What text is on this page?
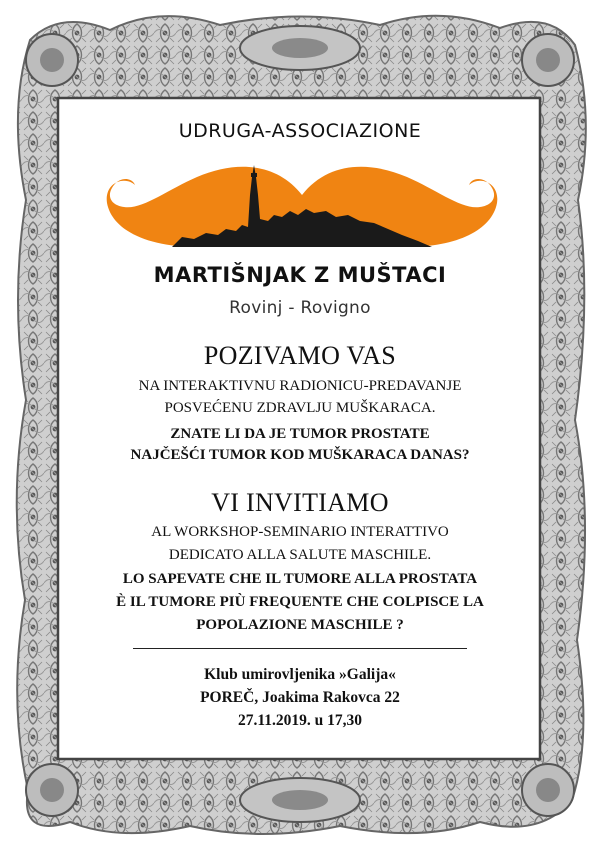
UDRUGA-ASSOCIAZIONE
MARTIŠNJAK Z MUŠTACI
Rovinj - Rovigno
POZIVAMO VAS
NA INTERAKTIVNU RADIONICU-PREDAVANJE
POSVEĆENU ZDRAVLJU MUŠKARACA.
ZNATE LI DA JE TUMOR PROSTATE
NAJČEŠĆI TUMOR KOD MUŠKARACA DANAS?
VI INVITIAMO
AL WORKSHOP-SEMINARIO INTERATTIVO
DEDICATO ALLA SALUTE MASCHILE.
LO SAPEVATE CHE IL TUMORE ALLA PROSTATA
È IL TUMORE PIÙ FREQUENTE CHE COLPISCE LA
POPOLAZIONE MASCHILE ?
Klub umirovljenika »Galija«
POREČ, Joakima Rakovca 22
27.11.2019. u 17,30
